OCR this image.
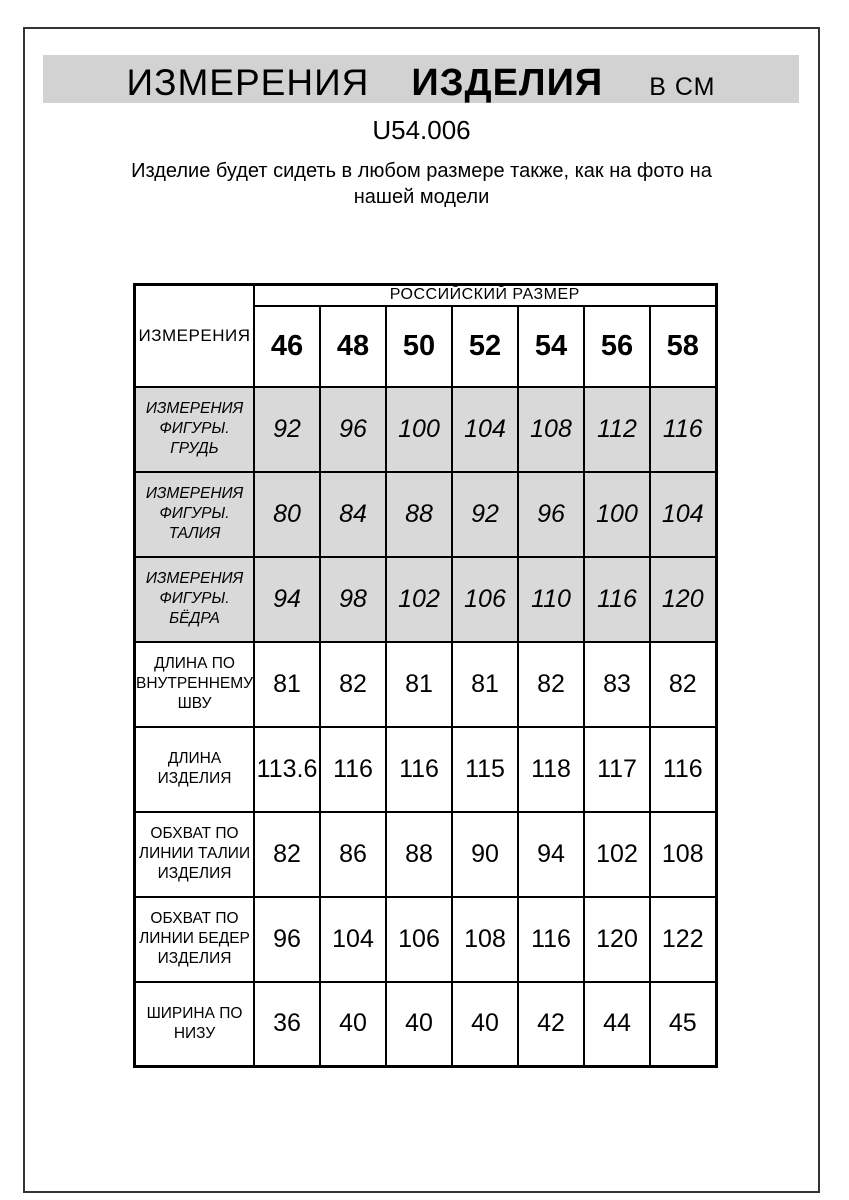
ИЗМЕРЕНИЯ ИЗДЕЛИЯ В СМ
U54.006
Изделие будет сидеть в любом размере также, как на фото на нашей модели
ИЗМЕРЕНИЯ	РОССИЙСКИЙ РАЗМЕР						
	46	48	50	52	54	56	58
ИЗМЕРЕНИЯ ФИГУРЫ. ГРУДЬ	92	96	100	104	108	112	116
ИЗМЕРЕНИЯ ФИГУРЫ. ТАЛИЯ	80	84	88	92	96	100	104
ИЗМЕРЕНИЯ ФИГУРЫ. БЁДРА	94	98	102	106	110	116	120
ДЛИНА ПО ВНУТРЕННЕМУ ШВУ	81	82	81	81	82	83	82
ДЛИНА ИЗДЕЛИЯ	113.6	116	116	115	118	117	116
ОБХВАТ ПО ЛИНИИ ТАЛИИ ИЗДЕЛИЯ	82	86	88	90	94	102	108
ОБХВАТ ПО ЛИНИИ БЕДЕР ИЗДЕЛИЯ	96	104	106	108	116	120	122
ШИРИНА ПО НИЗУ	36	40	40	40	42	44	45
